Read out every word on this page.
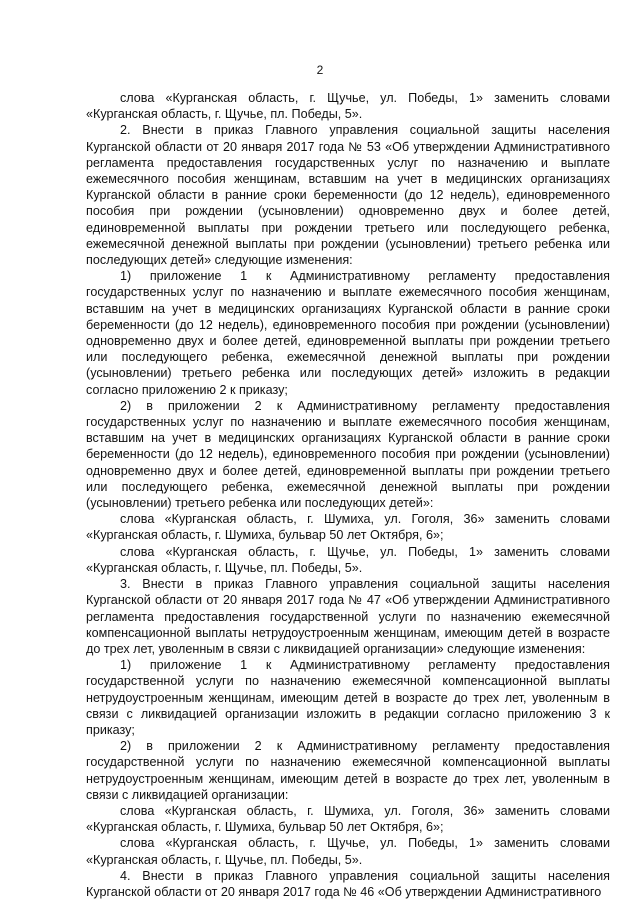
2

слова «Курганская область, г. Щучье, ул. Победы, 1» заменить словами «Курганская область, г. Щучье, пл. Победы, 5».

2. Внести в приказ Главного управления социальной защиты населения Курганской области от 20 января 2017 года № 53 «Об утверждении Административного регламента предоставления государственных услуг по назначению и выплате ежемесячного пособия женщинам, вставшим на учет в медицинских организациях Курганской области в ранние сроки беременности (до 12 недель), единовременного пособия при рождении (усыновлении) одновременно двух и более детей, единовременной выплаты при рождении третьего или последующего ребенка, ежемесячной денежной выплаты при рождении (усыновлении) третьего ребенка или последующих детей» следующие изменения:

1) приложение 1 к Административному регламенту предоставления государственных услуг по назначению и выплате ежемесячного пособия женщинам, вставшим на учет в медицинских организациях Курганской области в ранние сроки беременности (до 12 недель), единовременного пособия при рождении (усыновлении) одновременно двух и более детей, единовременной выплаты при рождении третьего или последующего ребенка, ежемесячной денежной выплаты при рождении (усыновлении) третьего ребенка или последующих детей» изложить в редакции согласно приложению 2 к приказу;

2) в приложении 2 к Административному регламенту предоставления государственных услуг по назначению и выплате ежемесячного пособия женщинам, вставшим на учет в медицинских организациях Курганской области в ранние сроки беременности (до 12 недель), единовременного пособия при рождении (усыновлении) одновременно двух и более детей, единовременной выплаты при рождении третьего или последующего ребенка, ежемесячной денежной выплаты при рождении (усыновлении) третьего ребенка или последующих детей»:

слова «Курганская область, г. Шумиха, ул. Гоголя, 36» заменить словами «Курганская область, г. Шумиха, бульвар 50 лет Октября, 6»;

слова «Курганская область, г. Щучье, ул. Победы, 1» заменить словами «Курганская область, г. Щучье, пл. Победы, 5».

3. Внести в приказ Главного управления социальной защиты населения Курганской области от 20 января 2017 года № 47 «Об утверждении Административного регламента предоставления государственной услуги по назначению ежемесячной компенсационной выплаты нетрудоустроенным женщинам, имеющим детей в возрасте до трех лет, уволенным в связи с ликвидацией организации» следующие изменения:

1) приложение 1 к Административному регламенту предоставления государственной услуги по назначению ежемесячной компенсационной выплаты нетрудоустроенным женщинам, имеющим детей в возрасте до трех лет, уволенным в связи с ликвидацией организации изложить в редакции согласно приложению 3 к приказу;

2) в приложении 2 к Административному регламенту предоставления государственной услуги по назначению ежемесячной компенсационной выплаты нетрудоустроенным женщинам, имеющим детей в возрасте до трех лет, уволенным в связи с ликвидацией организации:

слова «Курганская область, г. Шумиха, ул. Гоголя, 36» заменить словами «Курганская область, г. Шумиха, бульвар 50 лет Октября, 6»;

слова «Курганская область, г. Щучье, ул. Победы, 1» заменить словами «Курганская область, г. Щучье, пл. Победы, 5».

4. Внести в приказ Главного управления социальной защиты населения Курганской области от 20 января 2017 года № 46 «Об утверждении Административного
